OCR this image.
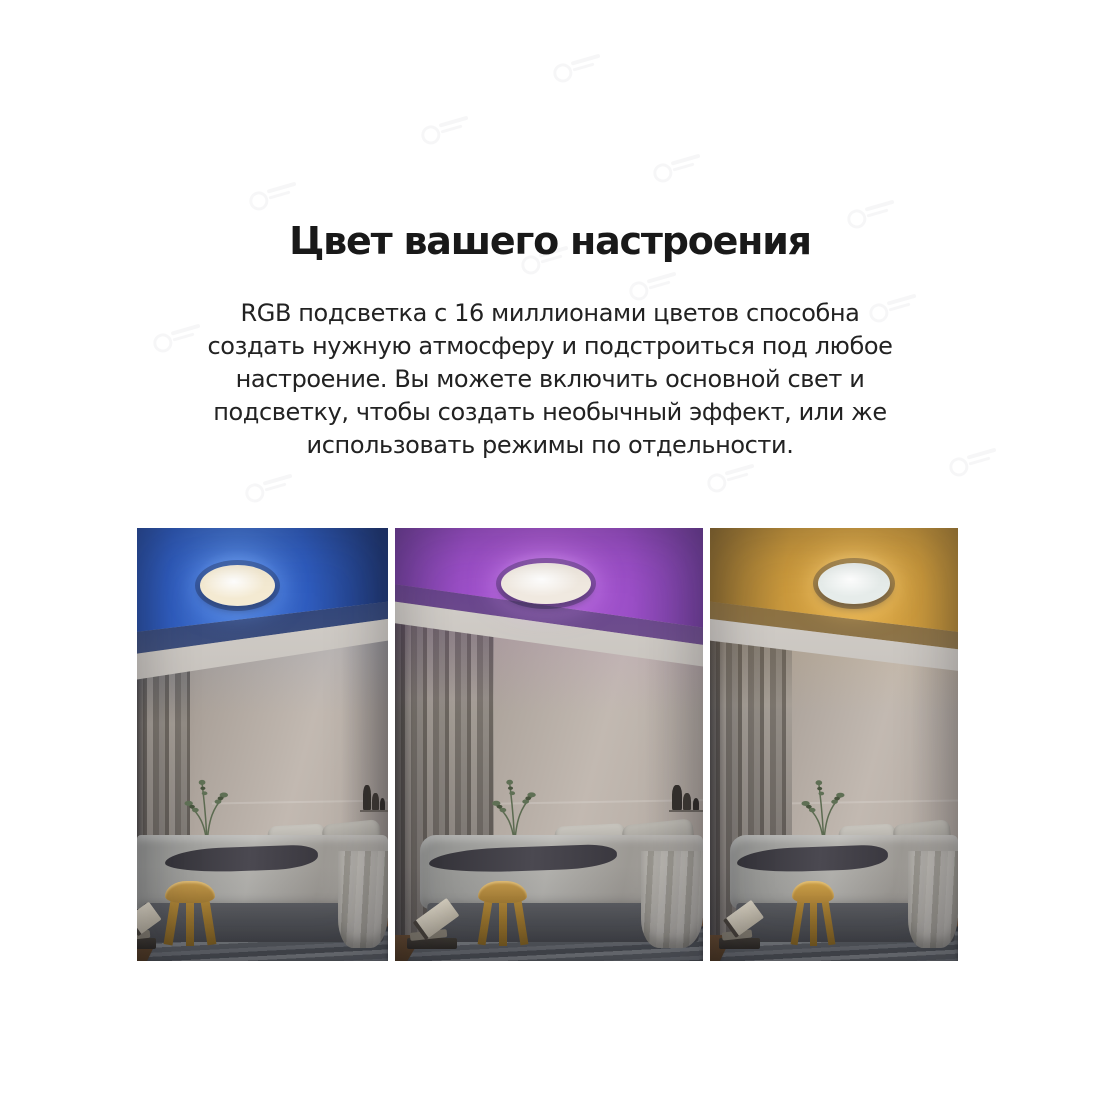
Цвет вашего настроения
RGB подсветка с 16 миллионами цветов способна
создать нужную атмосферу и подстроиться под любое
настроение. Вы можете включить основной свет и
подсветку, чтобы создать необычный эффект, или же
использовать режимы по отдельности.
